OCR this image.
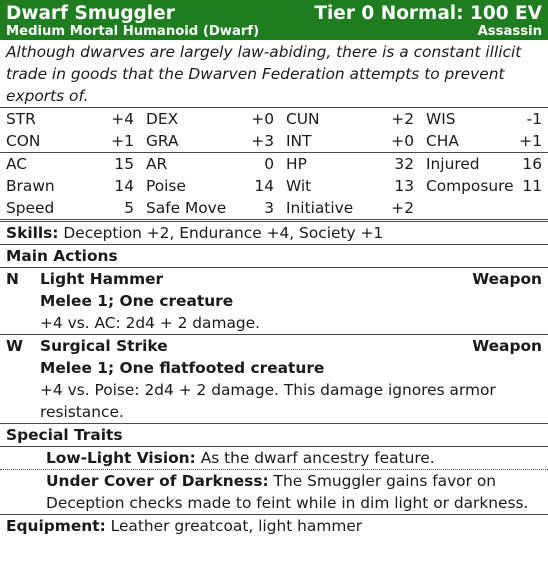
Dwarf Smuggler	Tier 0 Normal: 100 EV
Medium Mortal Humanoid (Dwarf)	Assassin
Although dwarves are largely law-abiding, there is a constant illicit trade in goods that the Dwarven Federation attempts to prevent exports of.
STR	+4 DEX	+0 CUN	+2 WIS	-1
CON	+1 GRA	+3 INT	+0 CHA	+1
AC	15 AR	0 HP	32 Injured	16
Brawn	14 Poise	14 Wit	13 Composure 11
Speed	5 Safe Move 3 Initiative +2
Skills: Deception +2, Endurance +4, Society +1
Main Actions
N	Light Hammer	Weapon
Melee 1; One creature
+4 vs. AC: 2d4 + 2 damage.
W	Surgical Strike	Weapon
Melee 1; One flatfooted creature
+4 vs. Poise: 2d4 + 2 damage. This damage ignores armor resistance.
Special Traits
Low-Light Vision: As the dwarf ancestry feature.
Under Cover of Darkness: The Smuggler gains favor on Deception checks made to feint while in dim light or darkness.
Equipment: Leather greatcoat, light hammer
